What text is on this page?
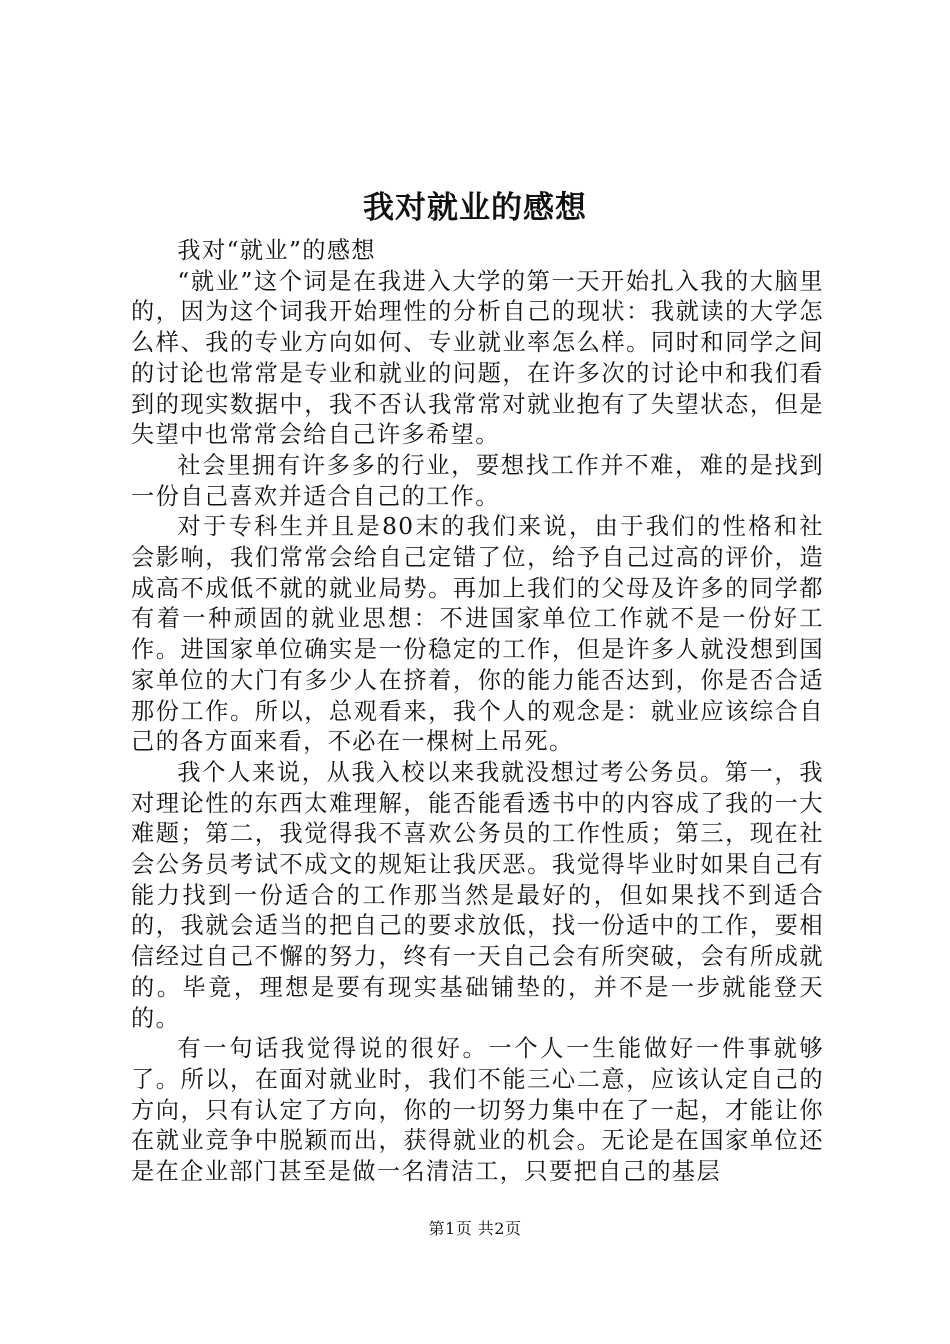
我对就业的感想

我对“就业”的感想

“就业”这个词是在我进入大学的第一天开始扎入我的大脑里的，因为这个词我开始理性的分析自己的现状：我就读的大学怎么样、我的专业方向如何、专业就业率怎么样。同时和同学之间的讨论也常常是专业和就业的问题，在许多次的讨论中和我们看到的现实数据中，我不否认我常常对就业抱有了失望状态，但是失望中也常常会给自己许多希望。

社会里拥有许多多的行业，要想找工作并不难，难的是找到一份自己喜欢并适合自己的工作。

对于专科生并且是80末的我们来说，由于我们的性格和社会影响，我们常常会给自己定错了位，给予自己过高的评价，造成高不成低不就的就业局势。再加上我们的父母及许多的同学都有着一种顽固的就业思想：不进国家单位工作就不是一份好工作。进国家单位确实是一份稳定的工作，但是许多人就没想到国家单位的大门有多少人在挤着，你的能力能否达到，你是否合适那份工作。所以，总观看来，我个人的观念是：就业应该综合自己的各方面来看，不必在一棵树上吊死。

我个人来说，从我入校以来我就没想过考公务员。第一，我对理论性的东西太难理解，能否能看透书中的内容成了我的一大难题；第二，我觉得我不喜欢公务员的工作性质；第三，现在社会公务员考试不成文的规矩让我厌恶。我觉得毕业时如果自己有能力找到一份适合的工作那当然是最好的，但如果找不到适合的，我就会适当的把自己的要求放低，找一份适中的工作，要相信经过自己不懈的努力，终有一天自己会有所突破，会有所成就的。毕竟，理想是要有现实基础铺垫的，并不是一步就能登天的。

有一句话我觉得说的很好。一个人一生能做好一件事就够了。所以，在面对就业时，我们不能三心二意，应该认定自己的方向，只有认定了方向，你的一切努力集中在了一起，才能让你在就业竞争中脱颖而出，获得就业的机会。无论是在国家单位还是在企业部门甚至是做一名清洁工，只要把自己的基层

第1页 共2页
